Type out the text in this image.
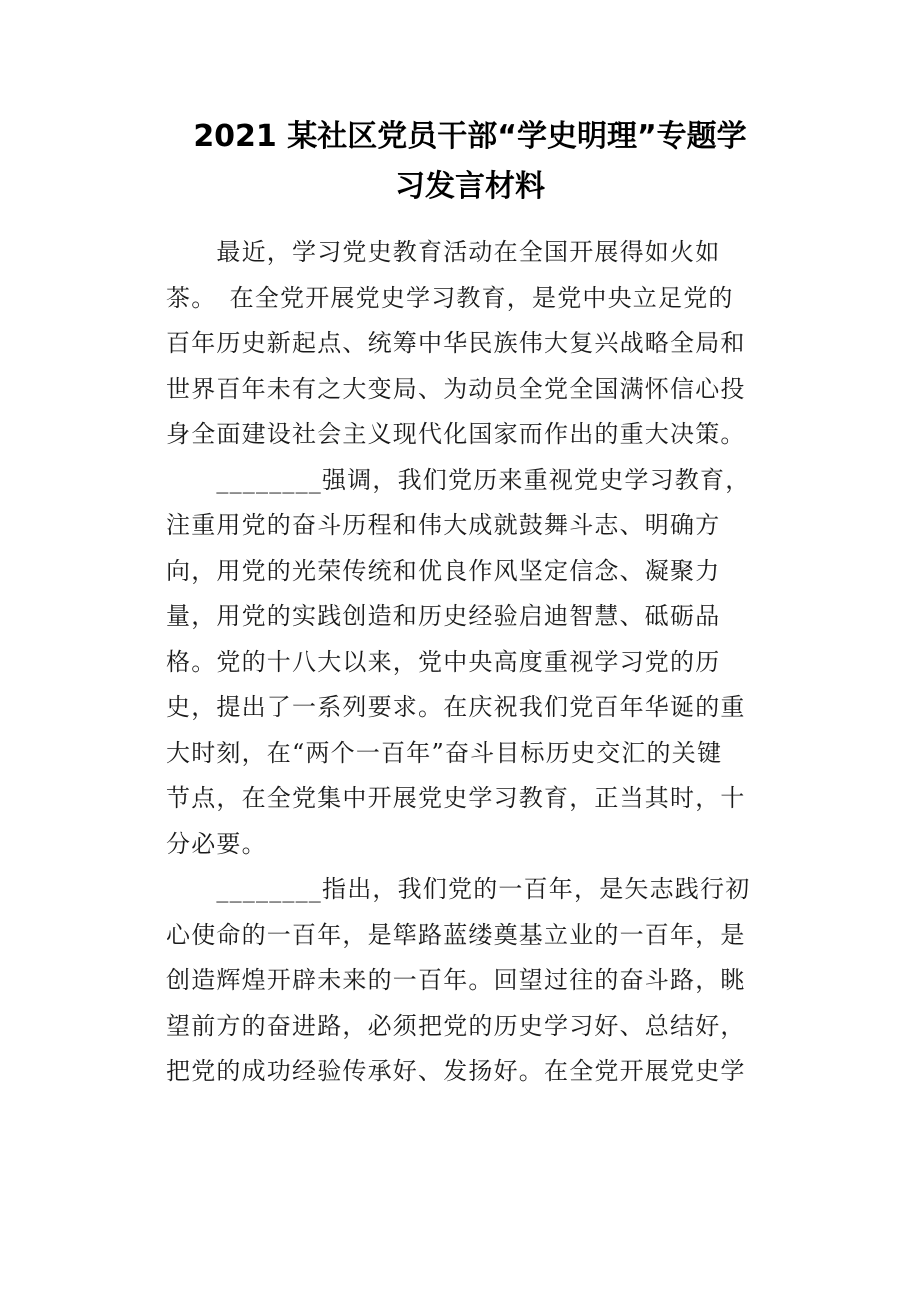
2021 某社区党员干部“学史明理”专题学
习发言材料
　　最近，学习党史教育活动在全国开展得如火如
茶。　在全党开展党史学习教育，是党中央立足党的
百年历史新起点、统筹中华民族伟大复兴战略全局和
世界百年未有之大变局、为动员全党全国满怀信心投
身全面建设社会主义现代化国家而作出的重大决策。
　　________强调，我们党历来重视党史学习教育，
注重用党的奋斗历程和伟大成就鼓舞斗志、明确方
向，用党的光荣传统和优良作风坚定信念、凝聚力
量，用党的实践创造和历史经验启迪智慧、砥砺品
格。党的十八大以来，党中央高度重视学习党的历
史，提出了一系列要求。在庆祝我们党百年华诞的重
大时刻，在“两个一百年”奋斗目标历史交汇的关键
节点，在全党集中开展党史学习教育，正当其时，十
分必要。
　　________指出，我们党的一百年，是矢志践行初
心使命的一百年，是筚路蓝缕奠基立业的一百年，是
创造辉煌开辟未来的一百年。回望过往的奋斗路，眺
望前方的奋进路，必须把党的历史学习好、总结好，
把党的成功经验传承好、发扬好。在全党开展党史学
